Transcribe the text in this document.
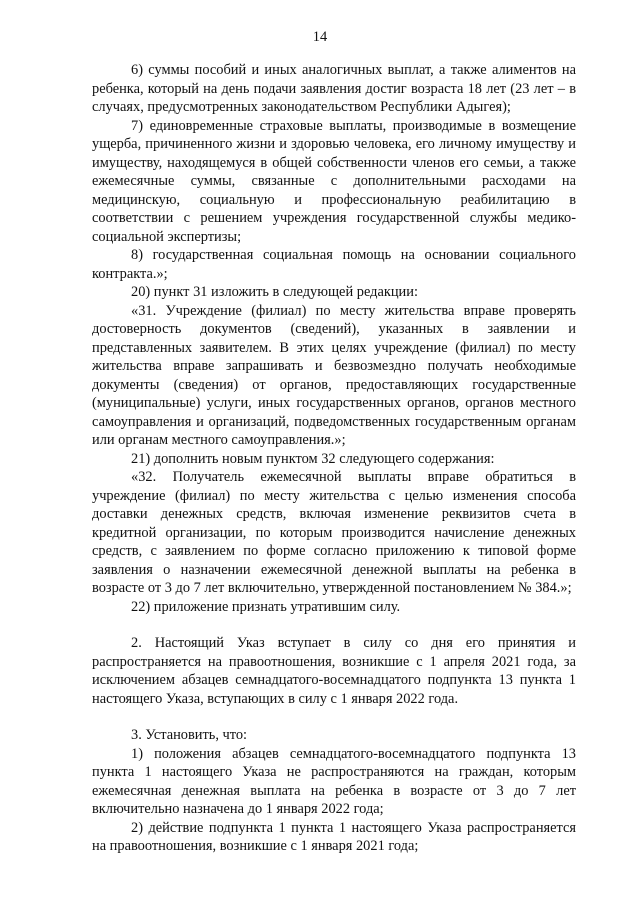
14

6) суммы пособий и иных аналогичных выплат, а также алиментов на ребенка, который на день подачи заявления достиг возраста 18 лет (23 лет – в случаях, предусмотренных законодательством Республики Адыгея);

7) единовременные страховые выплаты, производимые в возмещение ущерба, причиненного жизни и здоровью человека, его личному имуществу и имуществу, находящемуся в общей собственности членов его семьи, а также ежемесячные суммы, связанные с дополнительными расходами на медицинскую, социальную и профессиональную реабилитацию в соответствии с решением учреждения государственной службы медико-социальной экспертизы;

8) государственная социальная помощь на основании социального контракта.»;

20) пункт 31 изложить в следующей редакции:

«31. Учреждение (филиал) по месту жительства вправе проверять достоверность документов (сведений), указанных в заявлении и представленных заявителем. В этих целях учреждение (филиал) по месту жительства вправе запрашивать и безвозмездно получать необходимые документы (сведения) от органов, предоставляющих государственные (муниципальные) услуги, иных государственных органов, органов местного самоуправления и организаций, подведомственных государственным органам или органам местного самоуправления.»;

21) дополнить новым пунктом 32 следующего содержания:

«32. Получатель ежемесячной выплаты вправе обратиться в учреждение (филиал) по месту жительства с целью изменения способа доставки денежных средств, включая изменение реквизитов счета в кредитной организации, по которым производится начисление денежных средств, с заявлением по форме согласно приложению к типовой форме заявления о назначении ежемесячной денежной выплаты на ребенка в возрасте от 3 до 7 лет включительно, утвержденной постановлением № 384.»;

22) приложение признать утратившим силу.

2. Настоящий Указ вступает в силу со дня его принятия и распространяется на правоотношения, возникшие с 1 апреля 2021 года, за исключением абзацев семнадцатого-восемнадцатого подпункта 13 пункта 1 настоящего Указа, вступающих в силу с 1 января 2022 года.

3. Установить, что:

1) положения абзацев семнадцатого-восемнадцатого подпункта 13 пункта 1 настоящего Указа не распространяются на граждан, которым ежемесячная денежная выплата на ребенка в возрасте от 3 до 7 лет включительно назначена до 1 января 2022 года;

2) действие подпункта 1 пункта 1 настоящего Указа распространяется на правоотношения, возникшие с 1 января 2021 года;
